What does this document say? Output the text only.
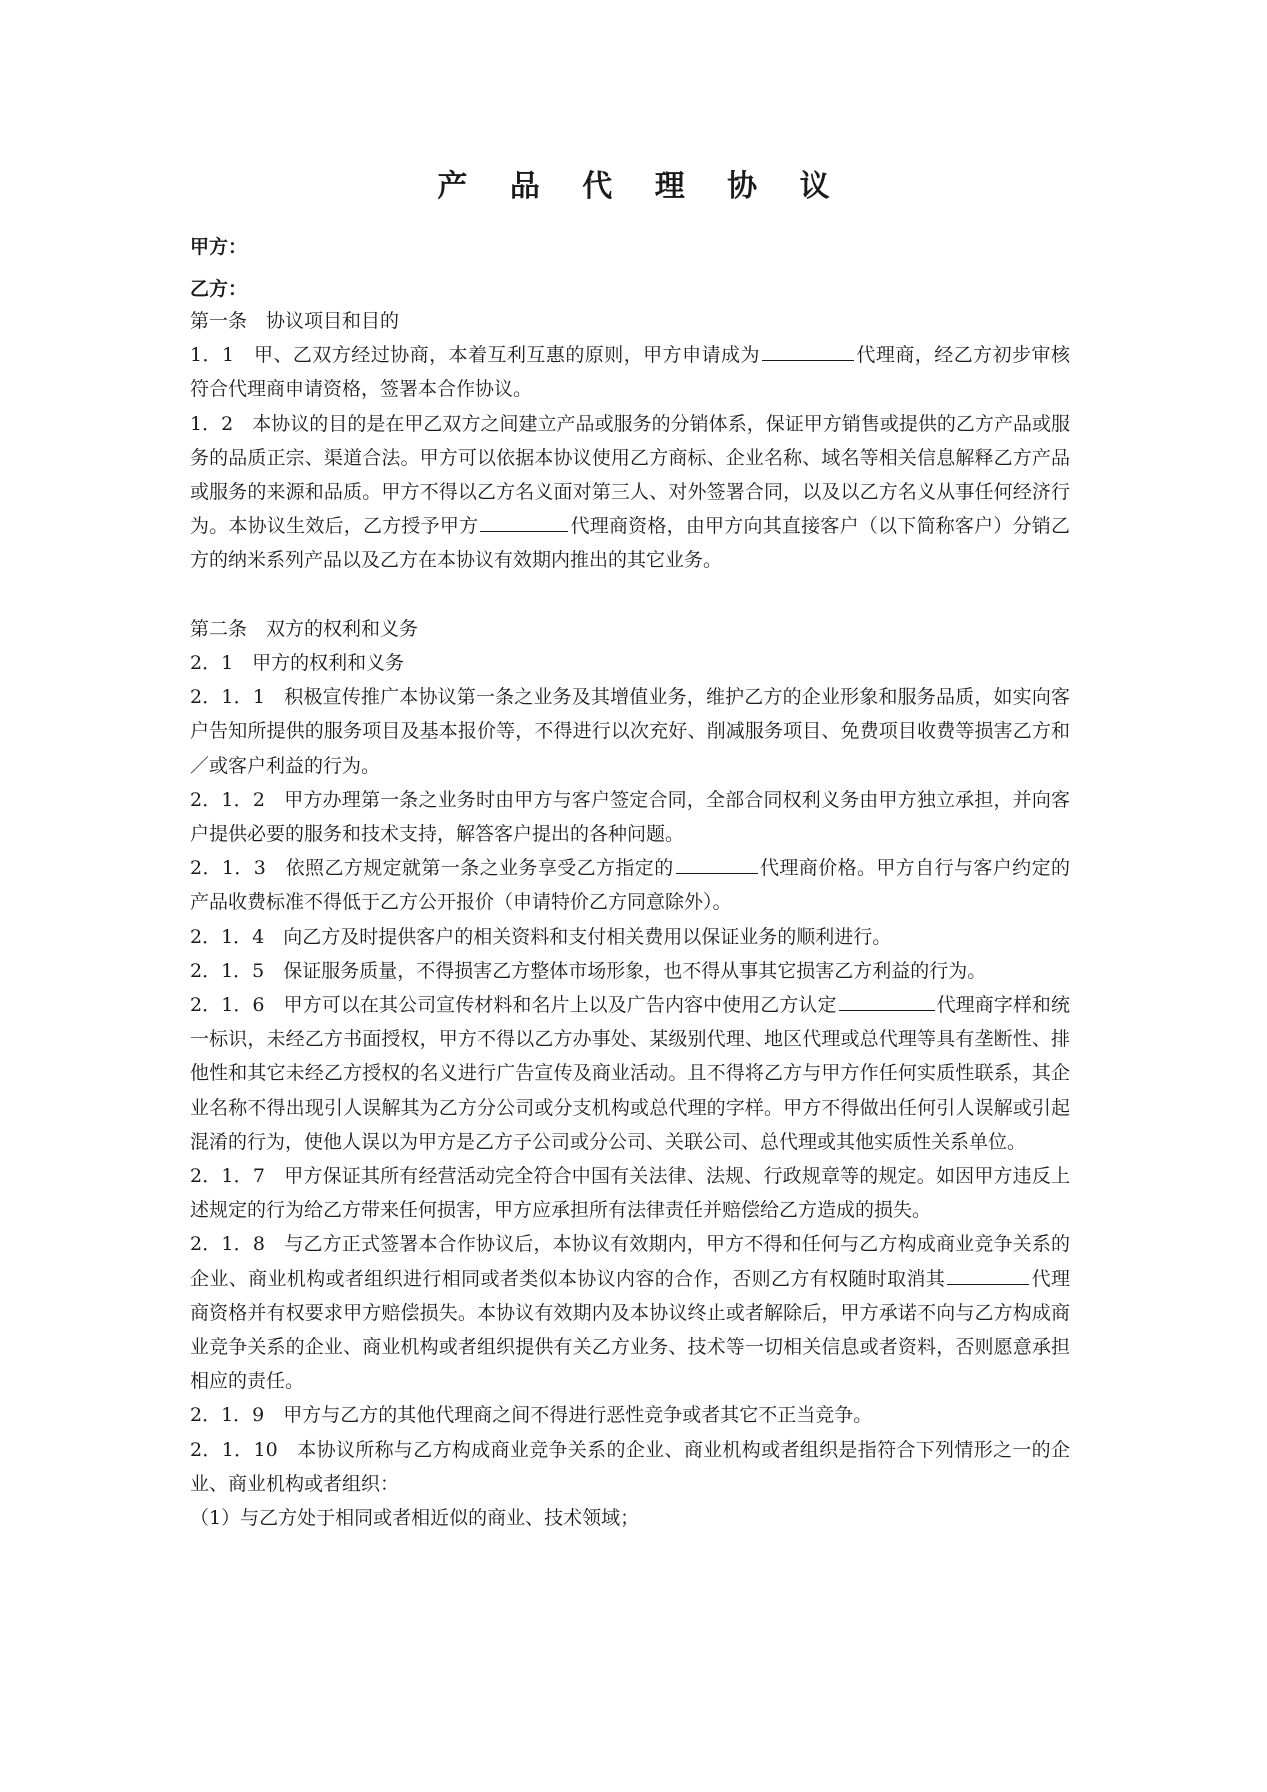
产 品 代 理 协 议
甲方：
乙方：

第一条　协议项目和目的

1．1　甲、乙双方经过协商，本着互利互惠的原则，甲方申请成为	代理商，经乙方初步审核符合代理商申请资格，签署本合作协议。

1．2　本协议的目的是在甲乙双方之间建立产品或服务的分销体系，保证甲方销售或提供的乙方产品或服务的品质正宗、渠道合法。甲方可以依据本协议使用乙方商标、企业名称、域名等相关信息解释乙方产品或服务的来源和品质。甲方不得以乙方名义面对第三人、对外签署合同，以及以乙方名义从事任何经济行为。本协议生效后，乙方授予甲方	代理商资格，由甲方向其直接客户（以下简称客户）分销乙方的纳米系列产品以及乙方在本协议有效期内推出的其它业务。

第二条　双方的权利和义务

2．1　甲方的权利和义务

2．1．1　积极宣传推广本协议第一条之业务及其增值业务，维护乙方的企业形象和服务品质，如实向客户告知所提供的服务项目及基本报价等，不得进行以次充好、削减服务项目、免费项目收费等损害乙方和／或客户利益的行为。

2．1．2　甲方办理第一条之业务时由甲方与客户签定合同，全部合同权利义务由甲方独立承担，并向客户提供必要的服务和技术支持，解答客户提出的各种问题。

2．1．3　依照乙方规定就第一条之业务享受乙方指定的	代理商价格。甲方自行与客户约定的产品收费标准不得低于乙方公开报价（申请特价乙方同意除外）。

2．1．4　向乙方及时提供客户的相关资料和支付相关费用以保证业务的顺利进行。

2．1．5　保证服务质量，不得损害乙方整体市场形象，也不得从事其它损害乙方利益的行为。

2．1．6　甲方可以在其公司宣传材料和名片上以及广告内容中使用乙方认定	代理商字样和统一标识，未经乙方书面授权，甲方不得以乙方办事处、某级别代理、地区代理或总代理等具有垄断性、排他性和其它未经乙方授权的名义进行广告宣传及商业活动。且不得将乙方与甲方作任何实质性联系，其企业名称不得出现引人误解其为乙方分公司或分支机构或总代理的字样。甲方不得做出任何引人误解或引起混淆的行为，使他人误以为甲方是乙方子公司或分公司、关联公司、总代理或其他实质性关系单位。

2．1．7　甲方保证其所有经营活动完全符合中国有关法律、法规、行政规章等的规定。如因甲方违反上述规定的行为给乙方带来任何损害，甲方应承担所有法律责任并赔偿给乙方造成的损失。

2．1．8　与乙方正式签署本合作协议后，本协议有效期内，甲方不得和任何与乙方构成商业竞争关系的企业、商业机构或者组织进行相同或者类似本协议内容的合作，否则乙方有权随时取消其	代理商资格并有权要求甲方赔偿损失。本协议有效期内及本协议终止或者解除后，甲方承诺不向与乙方构成商业竞争关系的企业、商业机构或者组织提供有关乙方业务、技术等一切相关信息或者资料，否则愿意承担相应的责任。

2．1．9　甲方与乙方的其他代理商之间不得进行恶性竞争或者其它不正当竞争。

2．1．10　本协议所称与乙方构成商业竞争关系的企业、商业机构或者组织是指符合下列情形之一的企业、商业机构或者组织：

（1）与乙方处于相同或者相近似的商业、技术领域；
